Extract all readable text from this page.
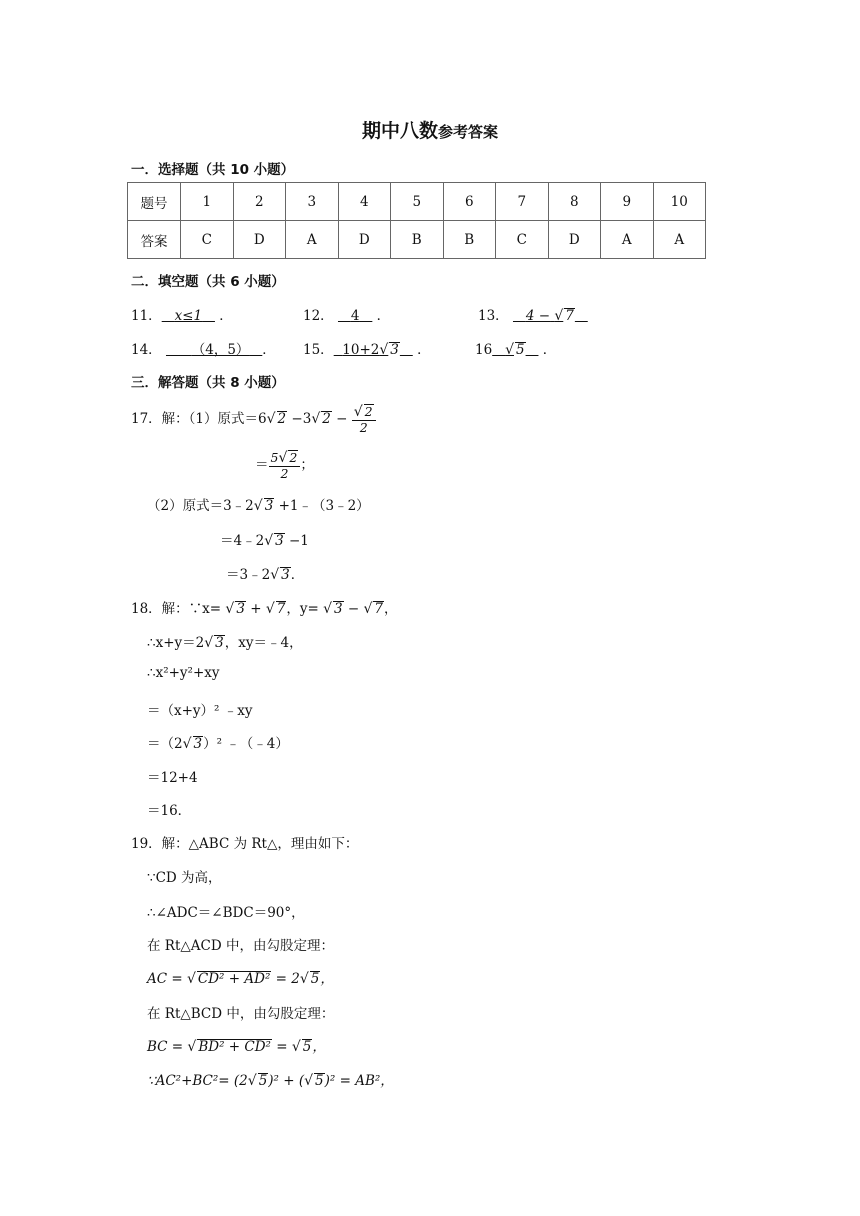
期中八数参考答案
一．选择题（共 10 小题）
题号	1	2	3	4	5	6	7	8	9	10
答案	C	D	A	D	B	B	C	D	A	A
二．填空题（共 6 小题）
11． x≤1 ．	12． 4 ．	13． 4 − √ 7
14． （4，5） ． 15． 10+2√ 3 ．	16 √ 5 ．
三．解答题（共 8 小题）
17．解：（1）原式＝6√ 2 −3√ $2 - \frac{√ 2}{2}$
＝ $\frac{5√ 2}{2}$ ；
（2）原式＝3﹣2√ 3 +1﹣（3﹣2）
＝4﹣2√ 3 −1
＝3﹣2√ 3．
18．解：∵x= √ 3 + √ 7，y= √ 3 − √ 7，
∴x+y＝2√ 3，xy＝﹣4，
∴x²+y²+xy
＝（x+y）² ﹣xy
＝（2√ 3）² ﹣（﹣4）
＝12+4
＝16．
19．解：△ABC 为 Rt△，理由如下：
∵CD 为高，
∴∠ADC＝∠BDC＝90°，
在 Rt△ACD 中，由勾股定理：
AC = √ CD² + AD² = 2√ 5，
在 Rt△BCD 中，由勾股定理：
BC = √ BD² + CD² = √ 5，
∵AC²+BC²= (2√ 5)² + (√ 5)² = AB²，
